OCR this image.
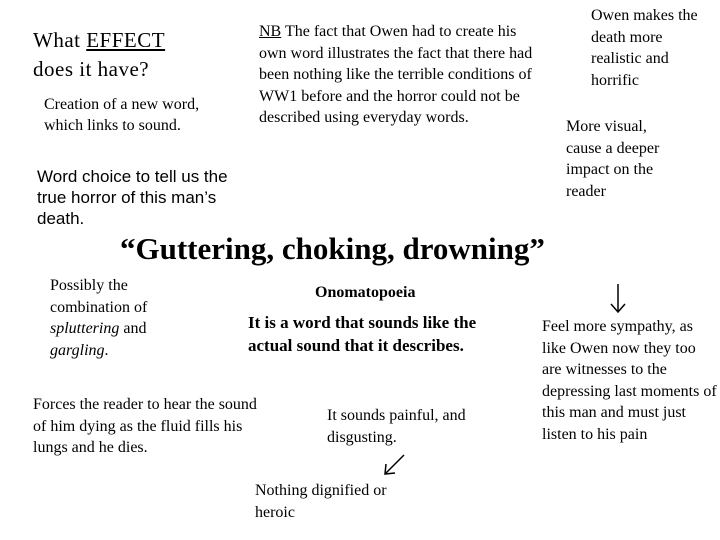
What EFFECT
does it have?

Creation of a new word, which links to sound.

NB The fact that Owen had to create his own word illustrates the fact that there had been nothing like the terrible conditions of WW1 before and the horror could not be described using everyday words.

Owen makes the death more realistic and horrific

More visual, cause a deeper impact on the reader

Word choice to tell us the true horror of this man’s death.

“Guttering, choking, drowning”

Possibly the combination of spluttering and gargling.

Onomatopoeia

It is a word that sounds like the actual sound that it describes.

Forces the reader to hear the sound of him dying as the fluid fills his lungs and he dies.

It sounds painful, and disgusting.

Nothing dignified or heroic

Feel more sympathy, as like Owen now they too are witnesses to the depressing last moments of this man and must just listen to his pain
